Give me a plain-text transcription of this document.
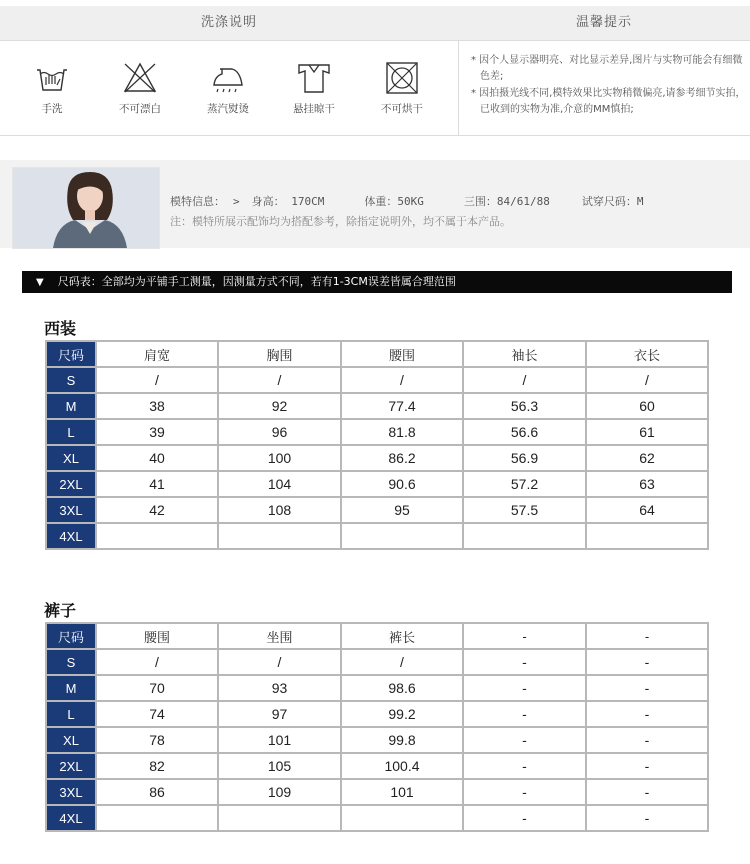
洗涤说明	温馨提示
手洗	不可漂白	蒸汽熨烫	悬挂晾干	不可烘干

* 因个人显示器明亮、对比显示差异,图片与实物可能会有细微色差;

* 因拍摄光线不同,模特效果比实物稍微偏亮,请参考细节实拍，已收到的实物为准,介意的MM慎拍;

模特信息： > 身高： 170CM	体重：50KG	三围：84/61/88	试穿尺码：M
注：模特所展示配饰均为搭配参考，除指定说明外，均不属于本产品。
▼ 尺码表：全部均为平铺手工测量，因测量方式不同，若有1-3CM误差皆属合理范围
西装
尺码	肩宽	胸围	腰围	袖长	衣长
S	/	/	/	/	/
M	38	92	77.4	56.3	60
L	39	96	81.8	56.6	61
XL	40	100	86.2	56.9	62
2XL	41	104	90.6	57.2	63
3XL	42	108	95	57.5	64
4XL					
裤子
尺码	腰围	坐围	裤长	-	-
S	/	/	/	-	-
M	70	93	98.6	-	-
L	74	97	99.2	-	-
XL	78	101	99.8	-	-
2XL	82	105	100.4	-	-
3XL	86	109	101	-	-
4XL				-	-
